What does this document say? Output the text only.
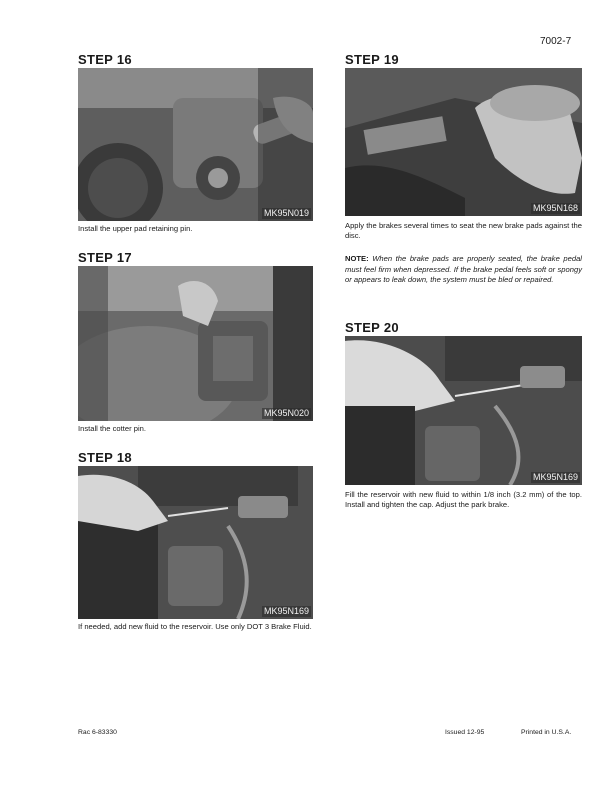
7002-7
STEP 16
MK95N019
Install the upper pad retaining pin.
STEP 17
MK95N020
Install the cotter pin.
STEP 18
MK95N169
If needed, add new fluid to the reservoir. Use only DOT 3 Brake Fluid.
STEP 19
MK95N168
Apply the brakes several times to seat the new brake pads against the disc.
NOTE: When the brake pads are properly seated, the brake pedal must feel firm when depressed. If the brake pedal feels soft or spongy or appears to leak down, the system must be bled or repaired.
STEP 20
MK95N169
Fill the reservoir with new fluid to within 1/8 inch (3.2 mm) of the top. Install and tighten the cap. Adjust the park brake.
Rac 6-83330	Issued 12-95	Printed in U.S.A.
